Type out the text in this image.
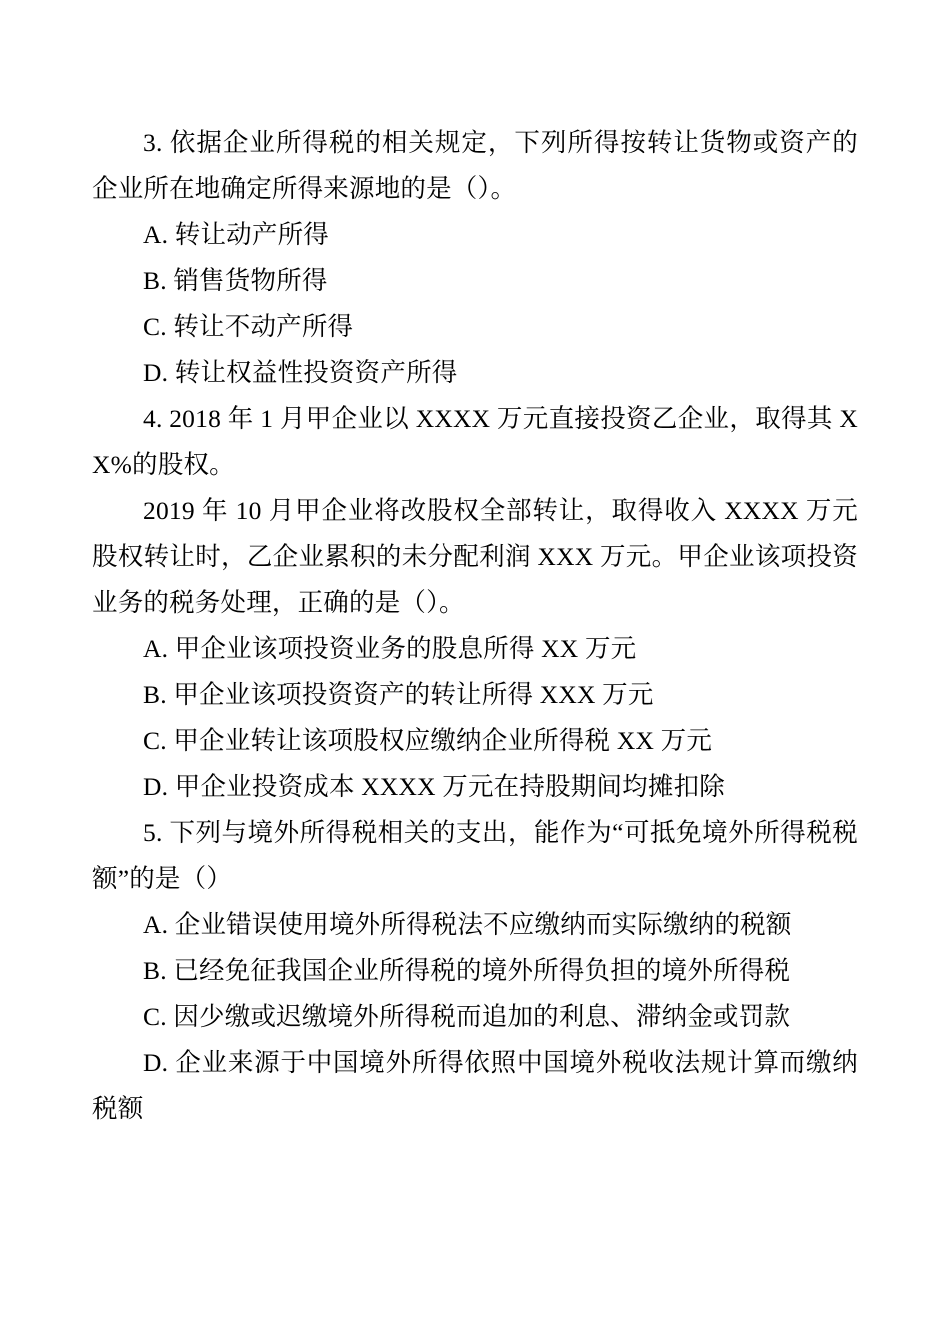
3. 依据企业所得税的相关规定，下列所得按转让货物或资产的企业所在地确定所得来源地的是（）。

A. 转让动产所得

B. 销售货物所得

C. 转让不动产所得

D. 转让权益性投资资产所得

4. 2018 年 1 月甲企业以 XXXX 万元直接投资乙企业，取得其 XX%的股权。

2019 年 10 月甲企业将改股权全部转让，取得收入 XXXX 万元股权转让时，乙企业累积的未分配利润 XXX 万元。甲企业该项投资业务的税务处理，正确的是（）。

A. 甲企业该项投资业务的股息所得 XX 万元

B. 甲企业该项投资资产的转让所得 XXX 万元

C. 甲企业转让该项股权应缴纳企业所得税 XX 万元

D. 甲企业投资成本 XXXX 万元在持股期间均摊扣除

5. 下列与境外所得税相关的支出，能作为“可抵免境外所得税税额”的是（）

A. 企业错误使用境外所得税法不应缴纳而实际缴纳的税额

B. 已经免征我国企业所得税的境外所得负担的境外所得税

C. 因少缴或迟缴境外所得税而追加的利息、滞纳金或罚款

D. 企业来源于中国境外所得依照中国境外税收法规计算而缴纳税额
